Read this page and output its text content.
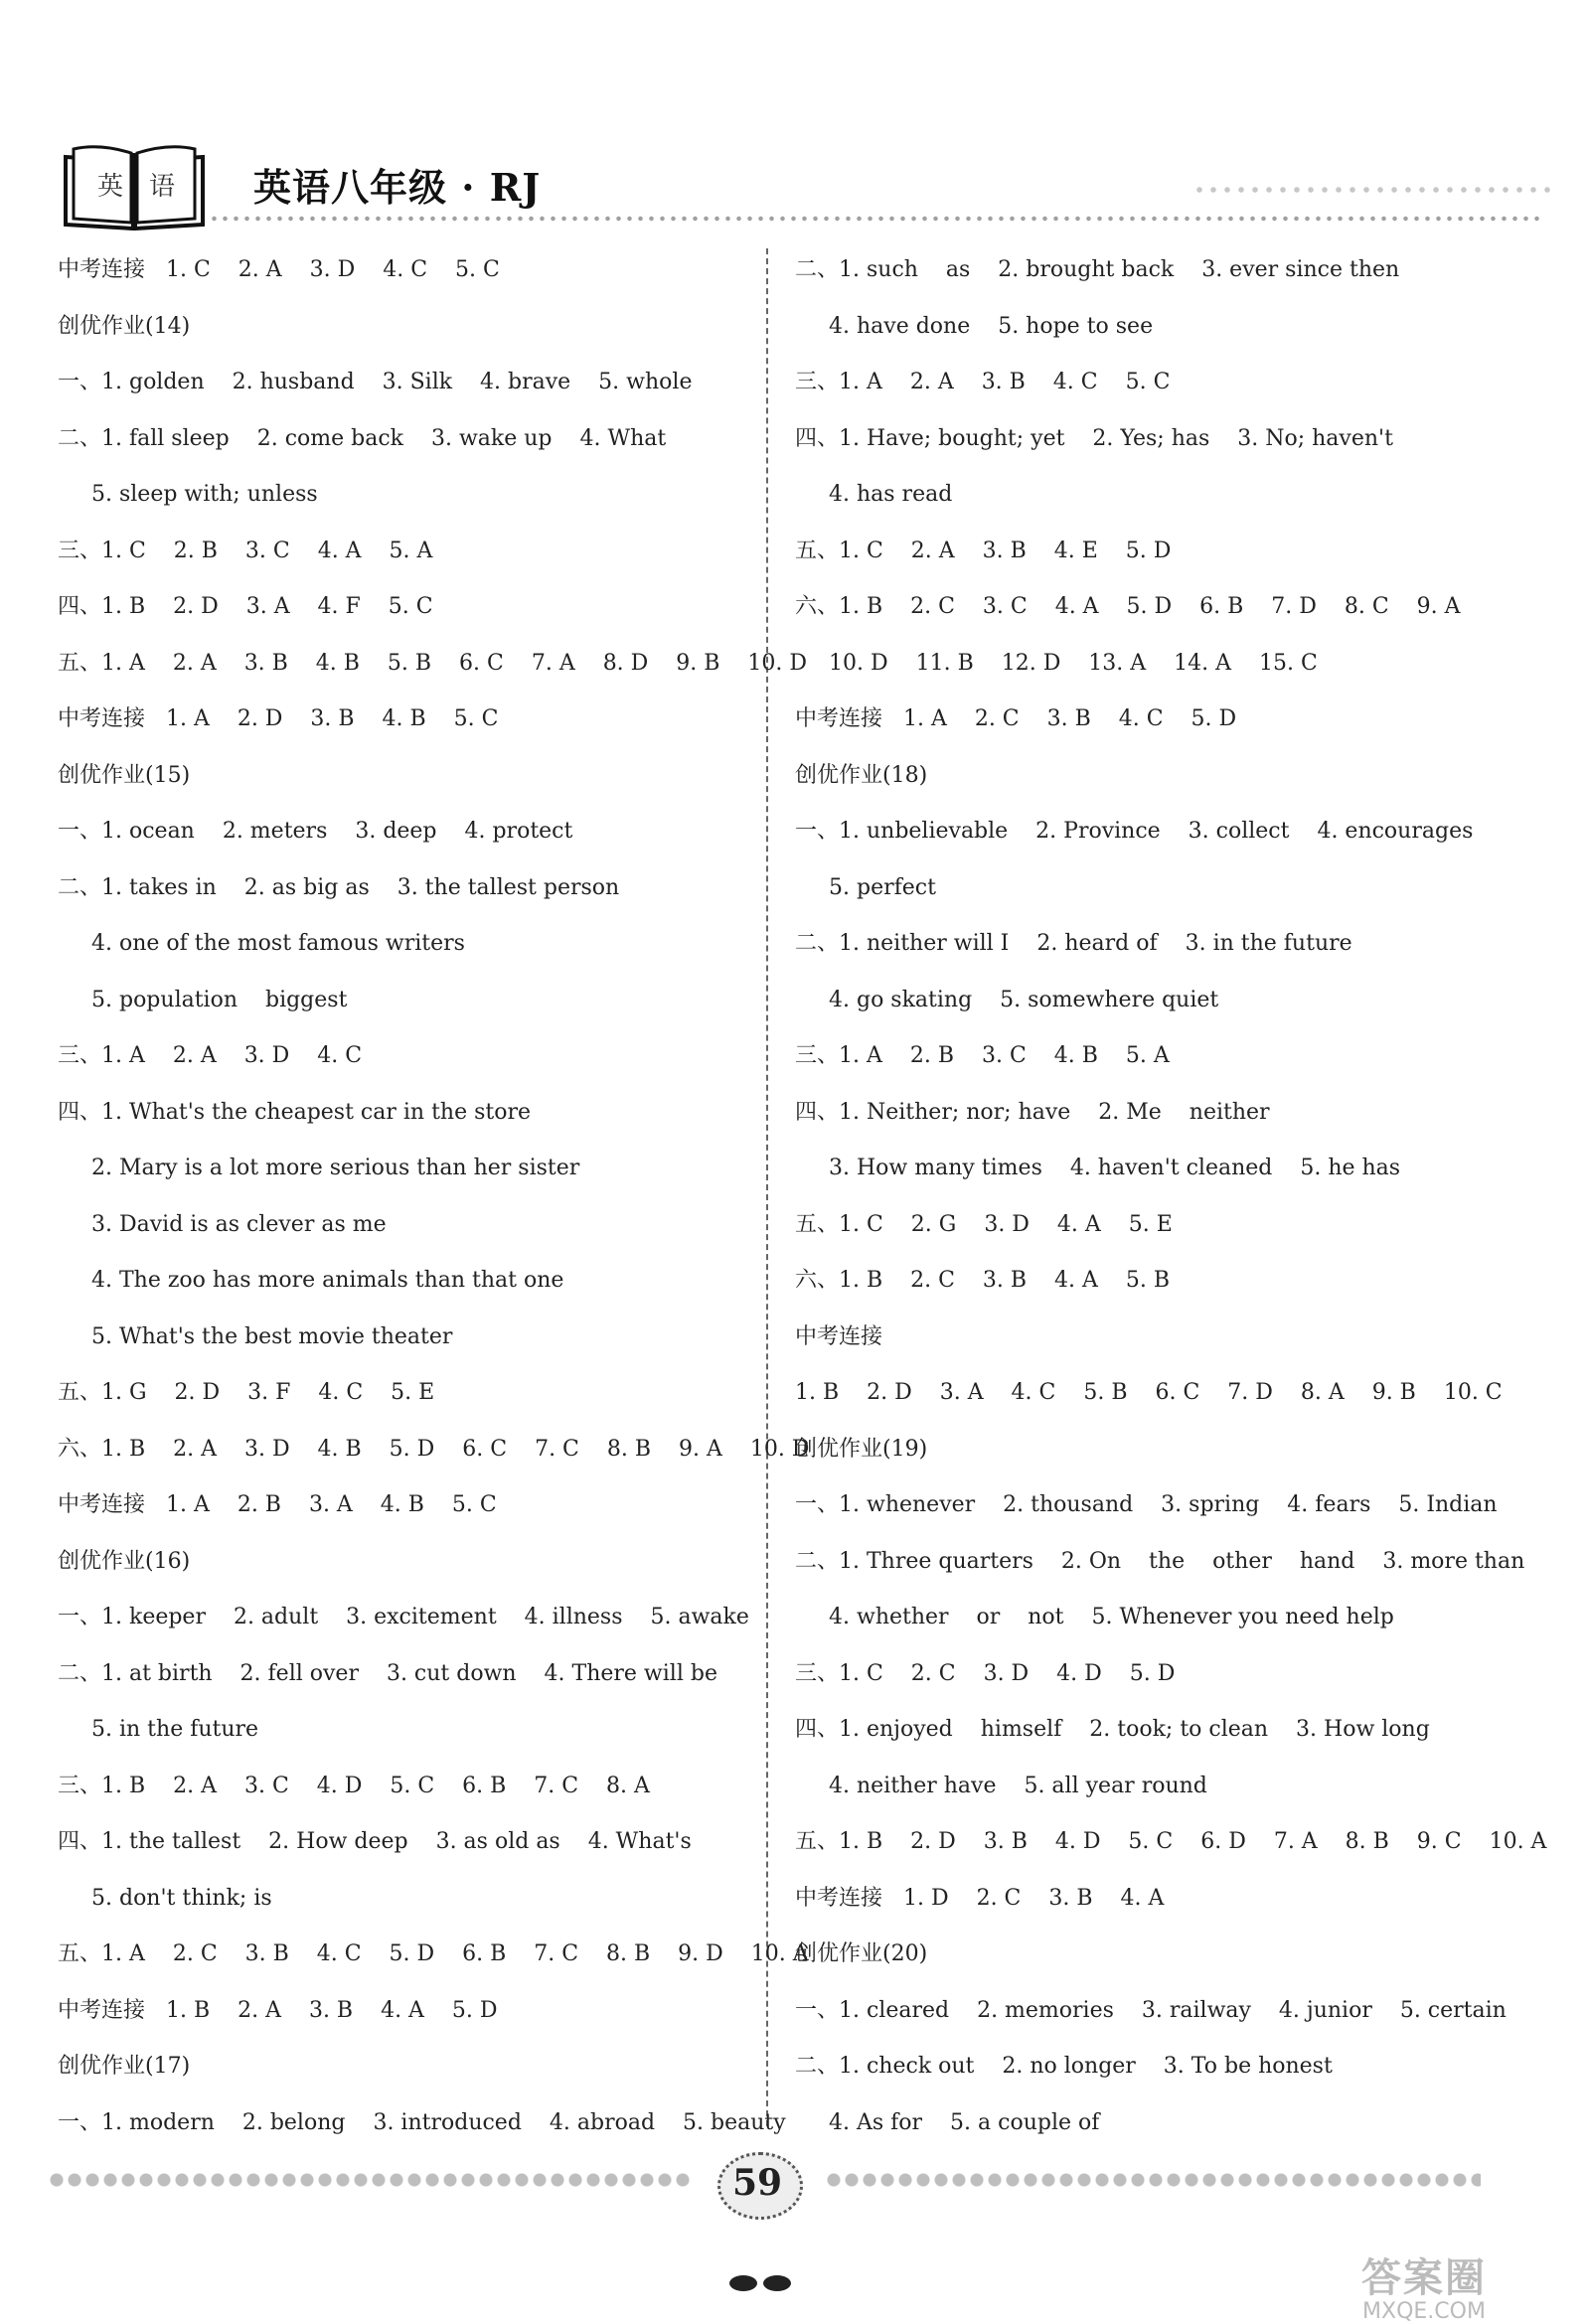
英 语 英语八年级 · RJ
中考连接   1. C    2. A    3. D    4. C    5. C
创优作业(14)
一、1. golden    2. husband    3. Silk    4. brave    5. whole
二、1. fall sleep    2. come back    3. wake up    4. What
5. sleep with; unless
三、1. C    2. B    3. C    4. A    5. A
四、1. B    2. D    3. A    4. F    5. C
五、1. A    2. A    3. B    4. B    5. B    6. C    7. A    8. D    9. B    10. D
中考连接   1. A    2. D    3. B    4. B    5. C
创优作业(15)
一、1. ocean    2. meters    3. deep    4. protect
二、1. takes in    2. as big as    3. the tallest person
4. one of the most famous writers
5. population    biggest
三、1. A    2. A    3. D    4. C
四、1. What's the cheapest car in the store
2. Mary is a lot more serious than her sister
3. David is as clever as me
4. The zoo has more animals than that one
5. What's the best movie theater
五、1. G    2. D    3. F    4. C    5. E
六、1. B    2. A    3. D    4. B    5. D    6. C    7. C    8. B    9. A    10. D
中考连接   1. A    2. B    3. A    4. B    5. C
创优作业(16)
一、1. keeper    2. adult    3. excitement    4. illness    5. awake
二、1. at birth    2. fell over    3. cut down    4. There will be
5. in the future
三、1. B    2. A    3. C    4. D    5. C    6. B    7. C    8. A
四、1. the tallest    2. How deep    3. as old as    4. What's
5. don't think; is
五、1. A    2. C    3. B    4. C    5. D    6. B    7. C    8. B    9. D    10. A
中考连接   1. B    2. A    3. B    4. A    5. D
创优作业(17)
一、1. modern    2. belong    3. introduced    4. abroad    5. beauty
二、1. such    as    2. brought back    3. ever since then
4. have done    5. hope to see
三、1. A    2. A    3. B    4. C    5. C
四、1. Have; bought; yet    2. Yes; has    3. No; haven't
4. has read
五、1. C    2. A    3. B    4. E    5. D
六、1. B    2. C    3. C    4. A    5. D    6. B    7. D    8. C    9. A
10. D    11. B    12. D    13. A    14. A    15. C
中考连接   1. A    2. C    3. B    4. C    5. D
创优作业(18)
一、1. unbelievable    2. Province    3. collect    4. encourages
5. perfect
二、1. neither will I    2. heard of    3. in the future
4. go skating    5. somewhere quiet
三、1. A    2. B    3. C    4. B    5. A
四、1. Neither; nor; have    2. Me    neither
3. How many times    4. haven't cleaned    5. he has
五、1. C    2. G    3. D    4. A    5. E
六、1. B    2. C    3. B    4. A    5. B
中考连接
1. B    2. D    3. A    4. C    5. B    6. C    7. D    8. A    9. B    10. C
创优作业(19)
一、1. whenever    2. thousand    3. spring    4. fears    5. Indian
二、1. Three quarters    2. On    the    other    hand    3. more than
4. whether    or    not    5. Whenever you need help
三、1. C    2. C    3. D    4. D    5. D
四、1. enjoyed    himself    2. took; to clean    3. How long
4. neither have    5. all year round
五、1. B    2. D    3. B    4. D    5. C    6. D    7. A    8. B    9. C    10. A
中考连接   1. D    2. C    3. B    4. A
创优作业(20)
一、1. cleared    2. memories    3. railway    4. junior    5. certain
二、1. check out    2. no longer    3. To be honest
4. As for    5. a couple of
59
答案圈
MXQE.COM
